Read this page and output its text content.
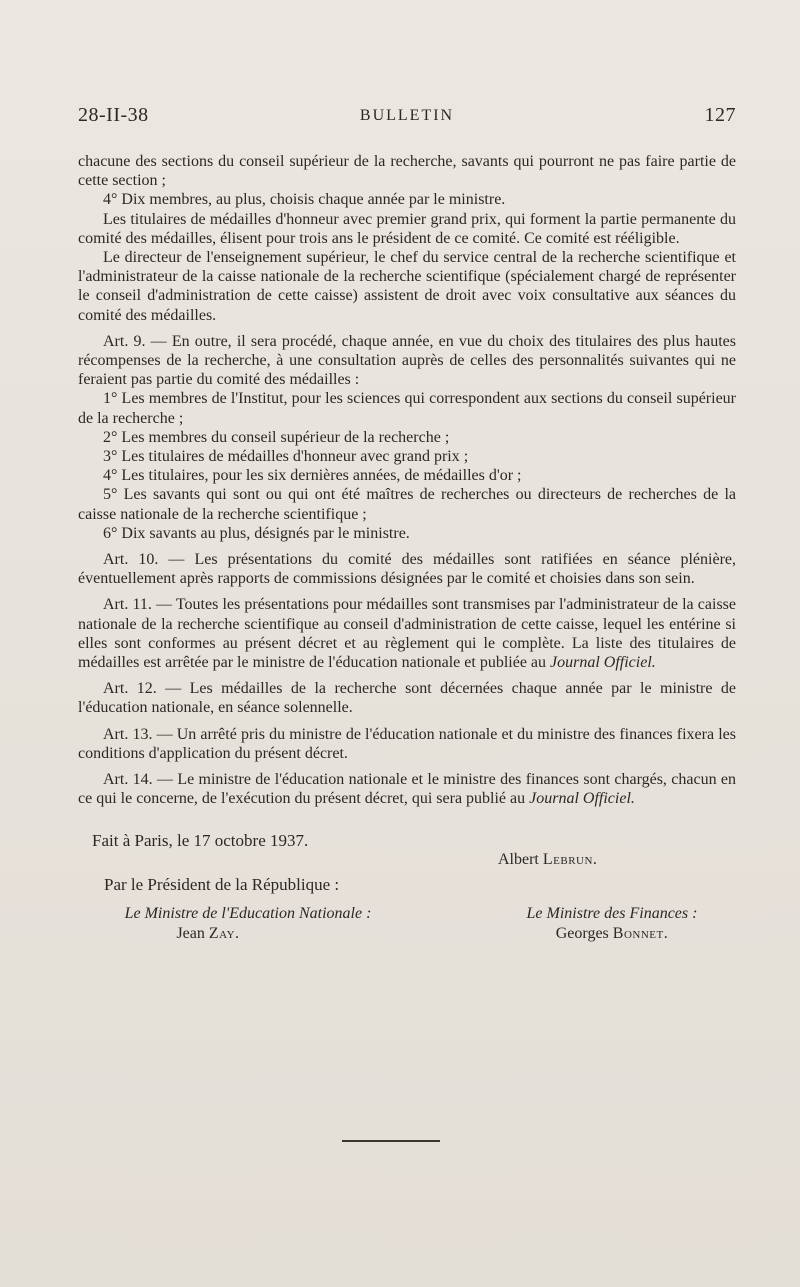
28-II-38	BULLETIN	127

chacune des sections du conseil supérieur de la recherche, savants qui pourront ne pas faire partie de cette section ;

4° Dix membres, au plus, choisis chaque année par le ministre.

Les titulaires de médailles d'honneur avec premier grand prix, qui forment la partie permanente du comité des médailles, élisent pour trois ans le président de ce comité. Ce comité est rééligible.

Le directeur de l'enseignement supérieur, le chef du service central de la recherche scientifique et l'administrateur de la caisse nationale de la recherche scientifique (spécialement chargé de représenter le conseil d'administration de cette caisse) assistent de droit avec voix consultative aux séances du comité des médailles.

Art. 9. — En outre, il sera procédé, chaque année, en vue du choix des titulaires des plus hautes récompenses de la recherche, à une consultation auprès de celles des personnalités suivantes qui ne feraient pas partie du comité des médailles :

1° Les membres de l'Institut, pour les sciences qui correspondent aux sections du conseil supérieur de la recherche ;

2° Les membres du conseil supérieur de la recherche ;

3° Les titulaires de médailles d'honneur avec grand prix ;

4° Les titulaires, pour les six dernières années, de médailles d'or ;

5° Les savants qui sont ou qui ont été maîtres de recherches ou directeurs de recherches de la caisse nationale de la recherche scientifique ;

6° Dix savants au plus, désignés par le ministre.

Art. 10. — Les présentations du comité des médailles sont ratifiées en séance plénière, éventuellement après rapports de commissions désignées par le comité et choisies dans son sein.

Art. 11. — Toutes les présentations pour médailles sont transmises par l'administrateur de la caisse nationale de la recherche scientifique au conseil d'administration de cette caisse, lequel les entérine si elles sont conformes au présent décret et au règlement qui le complète. La liste des titulaires de médailles est arrêtée par le ministre de l'éducation nationale et publiée au Journal Officiel.

Art. 12. — Les médailles de la recherche sont décernées chaque année par le ministre de l'éducation nationale, en séance solennelle.

Art. 13. — Un arrêté pris du ministre de l'éducation nationale et du ministre des finances fixera les conditions d'application du présent décret.

Art. 14. — Le ministre de l'éducation nationale et le ministre des finances sont chargés, chacun en ce qui le concerne, de l'exécution du présent décret, qui sera publié au Journal Officiel.

Fait à Paris, le 17 octobre 1937.
Albert Lebrun.
Par le Président de la République :
Le Ministre de l'Education Nationale :
Jean Zay.
Le Ministre des Finances :
Georges Bonnet.
